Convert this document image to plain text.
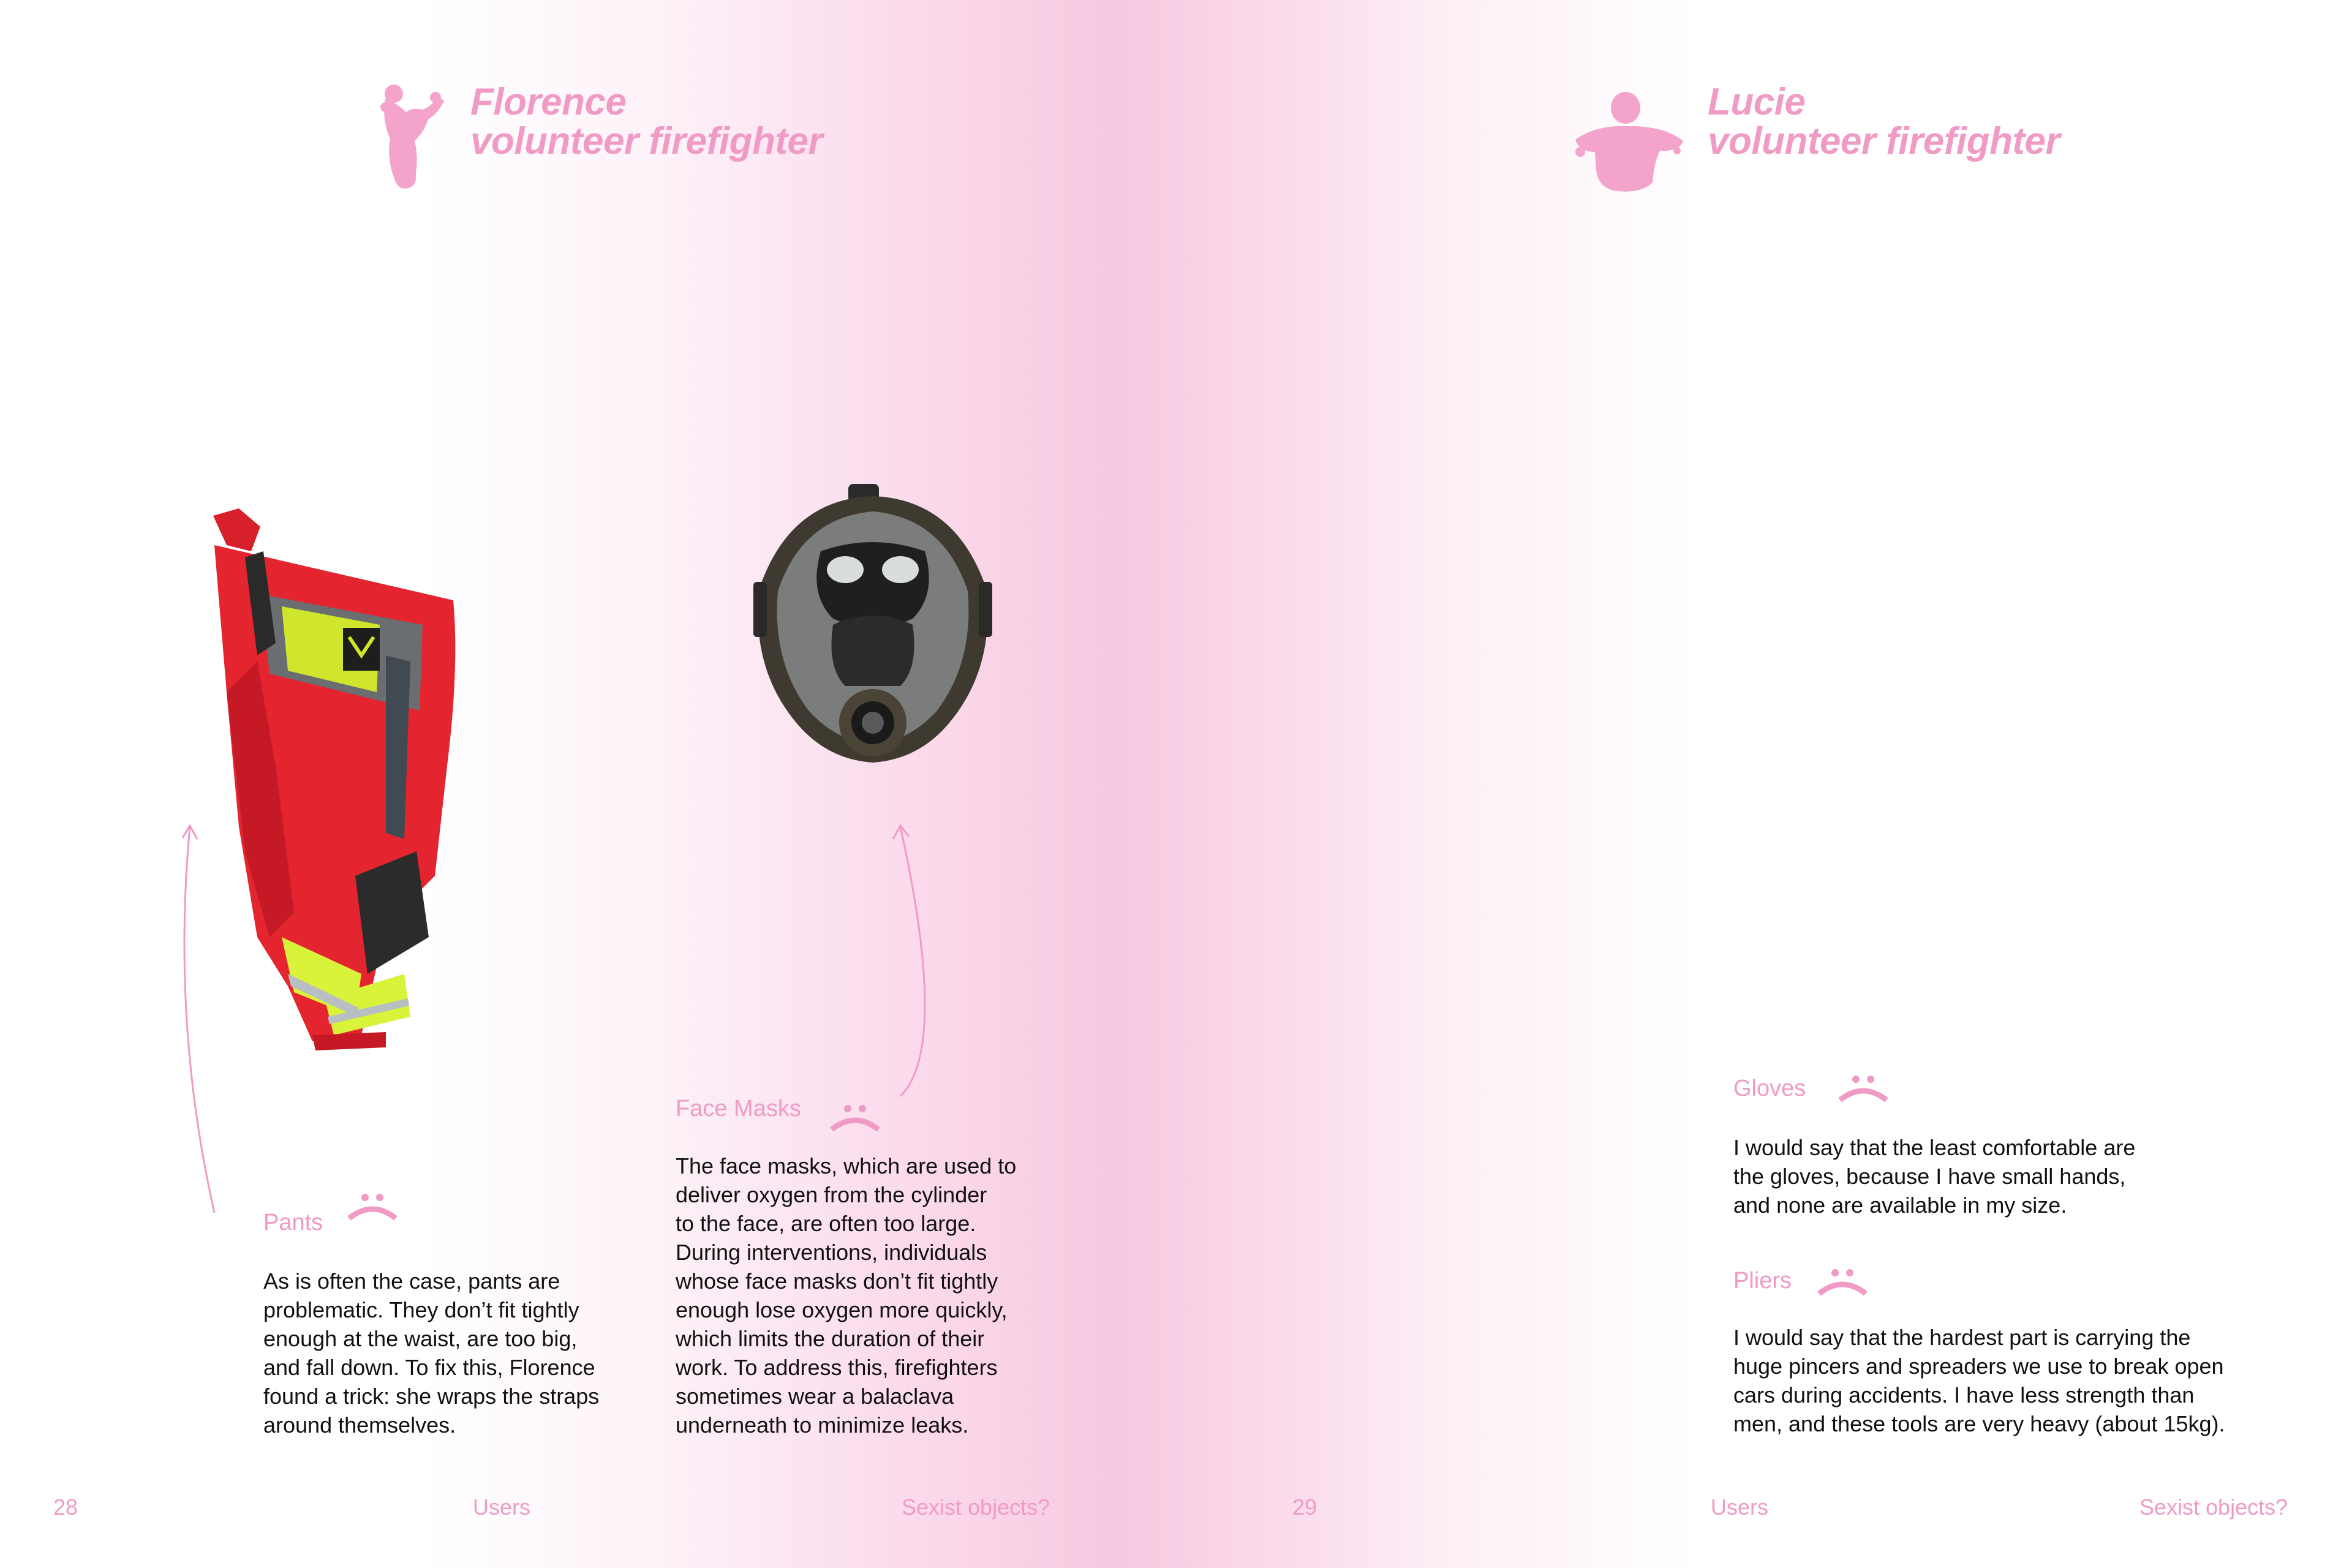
Florence
volunteer firefighter
Pants
As is often the case, pants are
problematic. They don’t fit tightly
enough at the waist, are too big,
and fall down. To fix this, Florence
found a trick: she wraps the straps
around themselves.
Face Masks
The face masks, which are used to
deliver oxygen from the cylinder
to the face, are often too large.
During interventions, individuals
whose face masks don’t fit tightly
enough lose oxygen more quickly,
which limits the duration of their
work. To address this, firefighters
sometimes wear a balaclava
underneath to minimize leaks.
28	Users	Sexist objects?
Lucie
volunteer firefighter
Gloves
I would say that the least comfortable are
the gloves, because I have small hands,
and none are available in my size.
Pliers
I would say that the hardest part is carrying the
huge pincers and spreaders we use to break open
cars during accidents. I have less strength than
men, and these tools are very heavy (about 15kg).
29	Users	Sexist objects?
